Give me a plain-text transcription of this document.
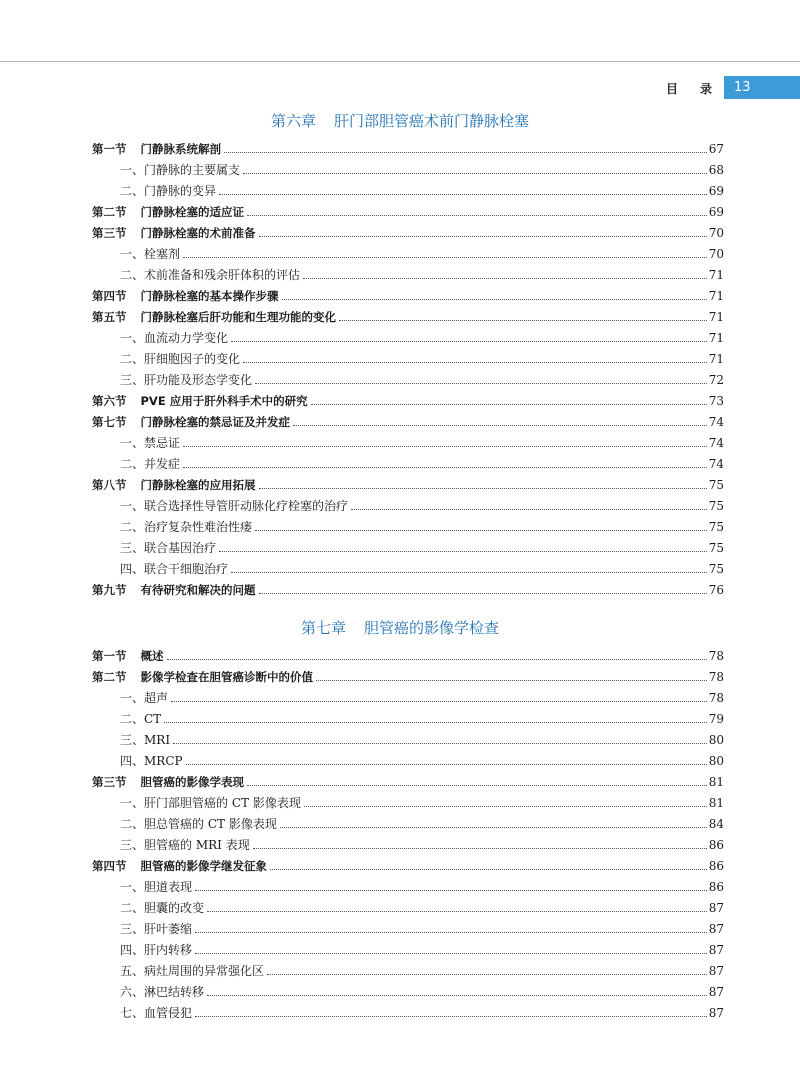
目 录	13
第六章 肝门部胆管癌术前门静脉栓塞
第一节 门静脉系统解剖	67
一、门静脉的主要属支	68
二、门静脉的变异	69
第二节 门静脉栓塞的适应证	69
第三节 门静脉栓塞的术前准备	70
一、栓塞剂	70
二、术前准备和残余肝体积的评估	71
第四节 门静脉栓塞的基本操作步骤	71
第五节 门静脉栓塞后肝功能和生理功能的变化	71
一、血流动力学变化	71
二、肝细胞因子的变化	71
三、肝功能及形态学变化	72
第六节 PVE 应用于肝外科手术中的研究	73
第七节 门静脉栓塞的禁忌证及并发症	74
一、禁忌证	74
二、并发症	74
第八节 门静脉栓塞的应用拓展	75
一、联合选择性导管肝动脉化疗栓塞的治疗	75
二、治疗复杂性难治性瘘	75
三、联合基因治疗	75
四、联合干细胞治疗	75
第九节 有待研究和解决的问题	76
第七章 胆管癌的影像学检查
第一节 概述	78
第二节 影像学检查在胆管癌诊断中的价值	78
一、超声	78
二、CT	79
三、MRI	80
四、MRCP	80
第三节 胆管癌的影像学表现	81
一、肝门部胆管癌的 CT 影像表现	81
二、胆总管癌的 CT 影像表现	84
三、胆管癌的 MRI 表现	86
第四节 胆管癌的影像学继发征象	86
一、胆道表现	86
二、胆囊的改变	87
三、肝叶萎缩	87
四、肝内转移	87
五、病灶周围的异常强化区	87
六、淋巴结转移	87
七、血管侵犯	87
